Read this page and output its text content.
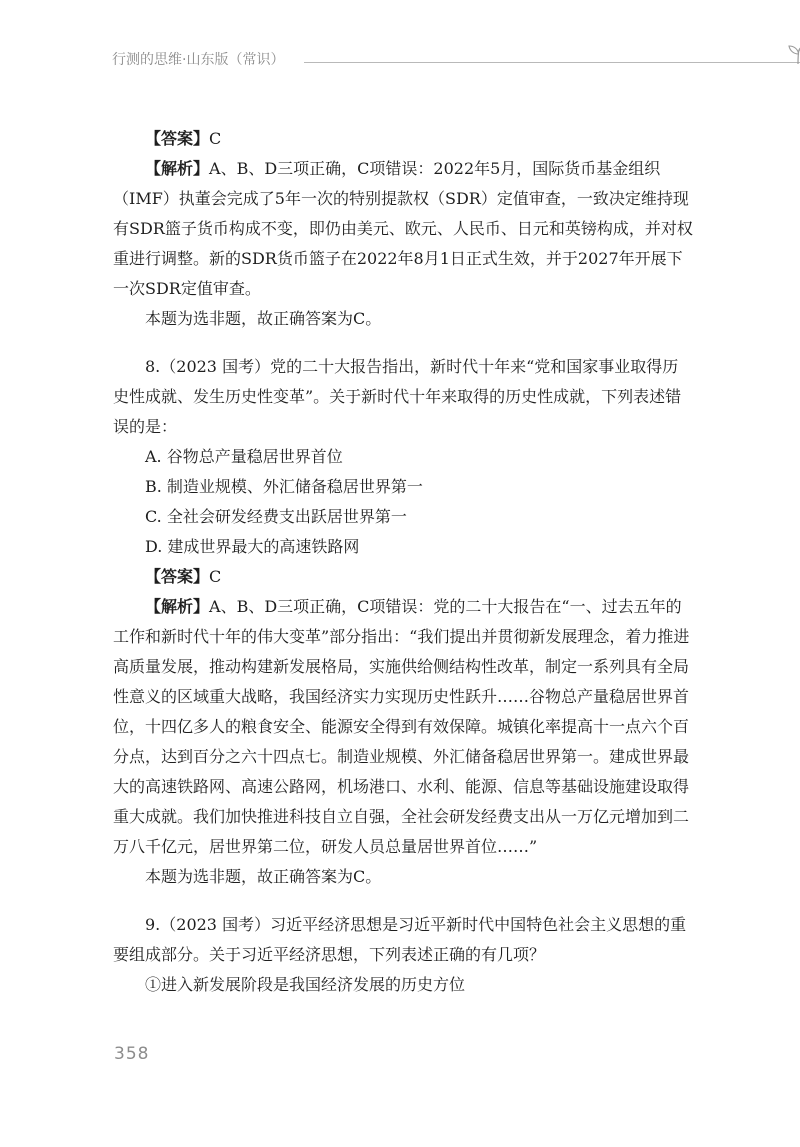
行测的思维·山东版（常识）

【答案】C

【解析】A、B、D三项正确，C项错误：2022年5月，国际货币基金组织（IMF）执董会完成了5年一次的特别提款权（SDR）定值审查，一致决定维持现有SDR篮子货币构成不变，即仍由美元、欧元、人民币、日元和英镑构成，并对权重进行调整。新的SDR货币篮子在2022年8月1日正式生效，并于2027年开展下一次SDR定值审查。

本题为选非题，故正确答案为C。

8.（2023 国考）党的二十大报告指出，新时代十年来“党和国家事业取得历史性成就、发生历史性变革”。关于新时代十年来取得的历史性成就，下列表述错误的是：

A. 谷物总产量稳居世界首位

B. 制造业规模、外汇储备稳居世界第一

C. 全社会研发经费支出跃居世界第一

D. 建成世界最大的高速铁路网

【答案】C

【解析】A、B、D三项正确，C项错误：党的二十大报告在“一、过去五年的工作和新时代十年的伟大变革”部分指出：“我们提出并贯彻新发展理念，着力推进高质量发展，推动构建新发展格局，实施供给侧结构性改革，制定一系列具有全局性意义的区域重大战略，我国经济实力实现历史性跃升……谷物总产量稳居世界首位，十四亿多人的粮食安全、能源安全得到有效保障。城镇化率提高十一点六个百分点，达到百分之六十四点七。制造业规模、外汇储备稳居世界第一。建成世界最大的高速铁路网、高速公路网，机场港口、水利、能源、信息等基础设施建设取得重大成就。我们加快推进科技自立自强，全社会研发经费支出从一万亿元增加到二万八千亿元，居世界第二位，研发人员总量居世界首位……”

本题为选非题，故正确答案为C。

9.（2023 国考）习近平经济思想是习近平新时代中国特色社会主义思想的重要组成部分。关于习近平经济思想，下列表述正确的有几项？

①进入新发展阶段是我国经济发展的历史方位

358
